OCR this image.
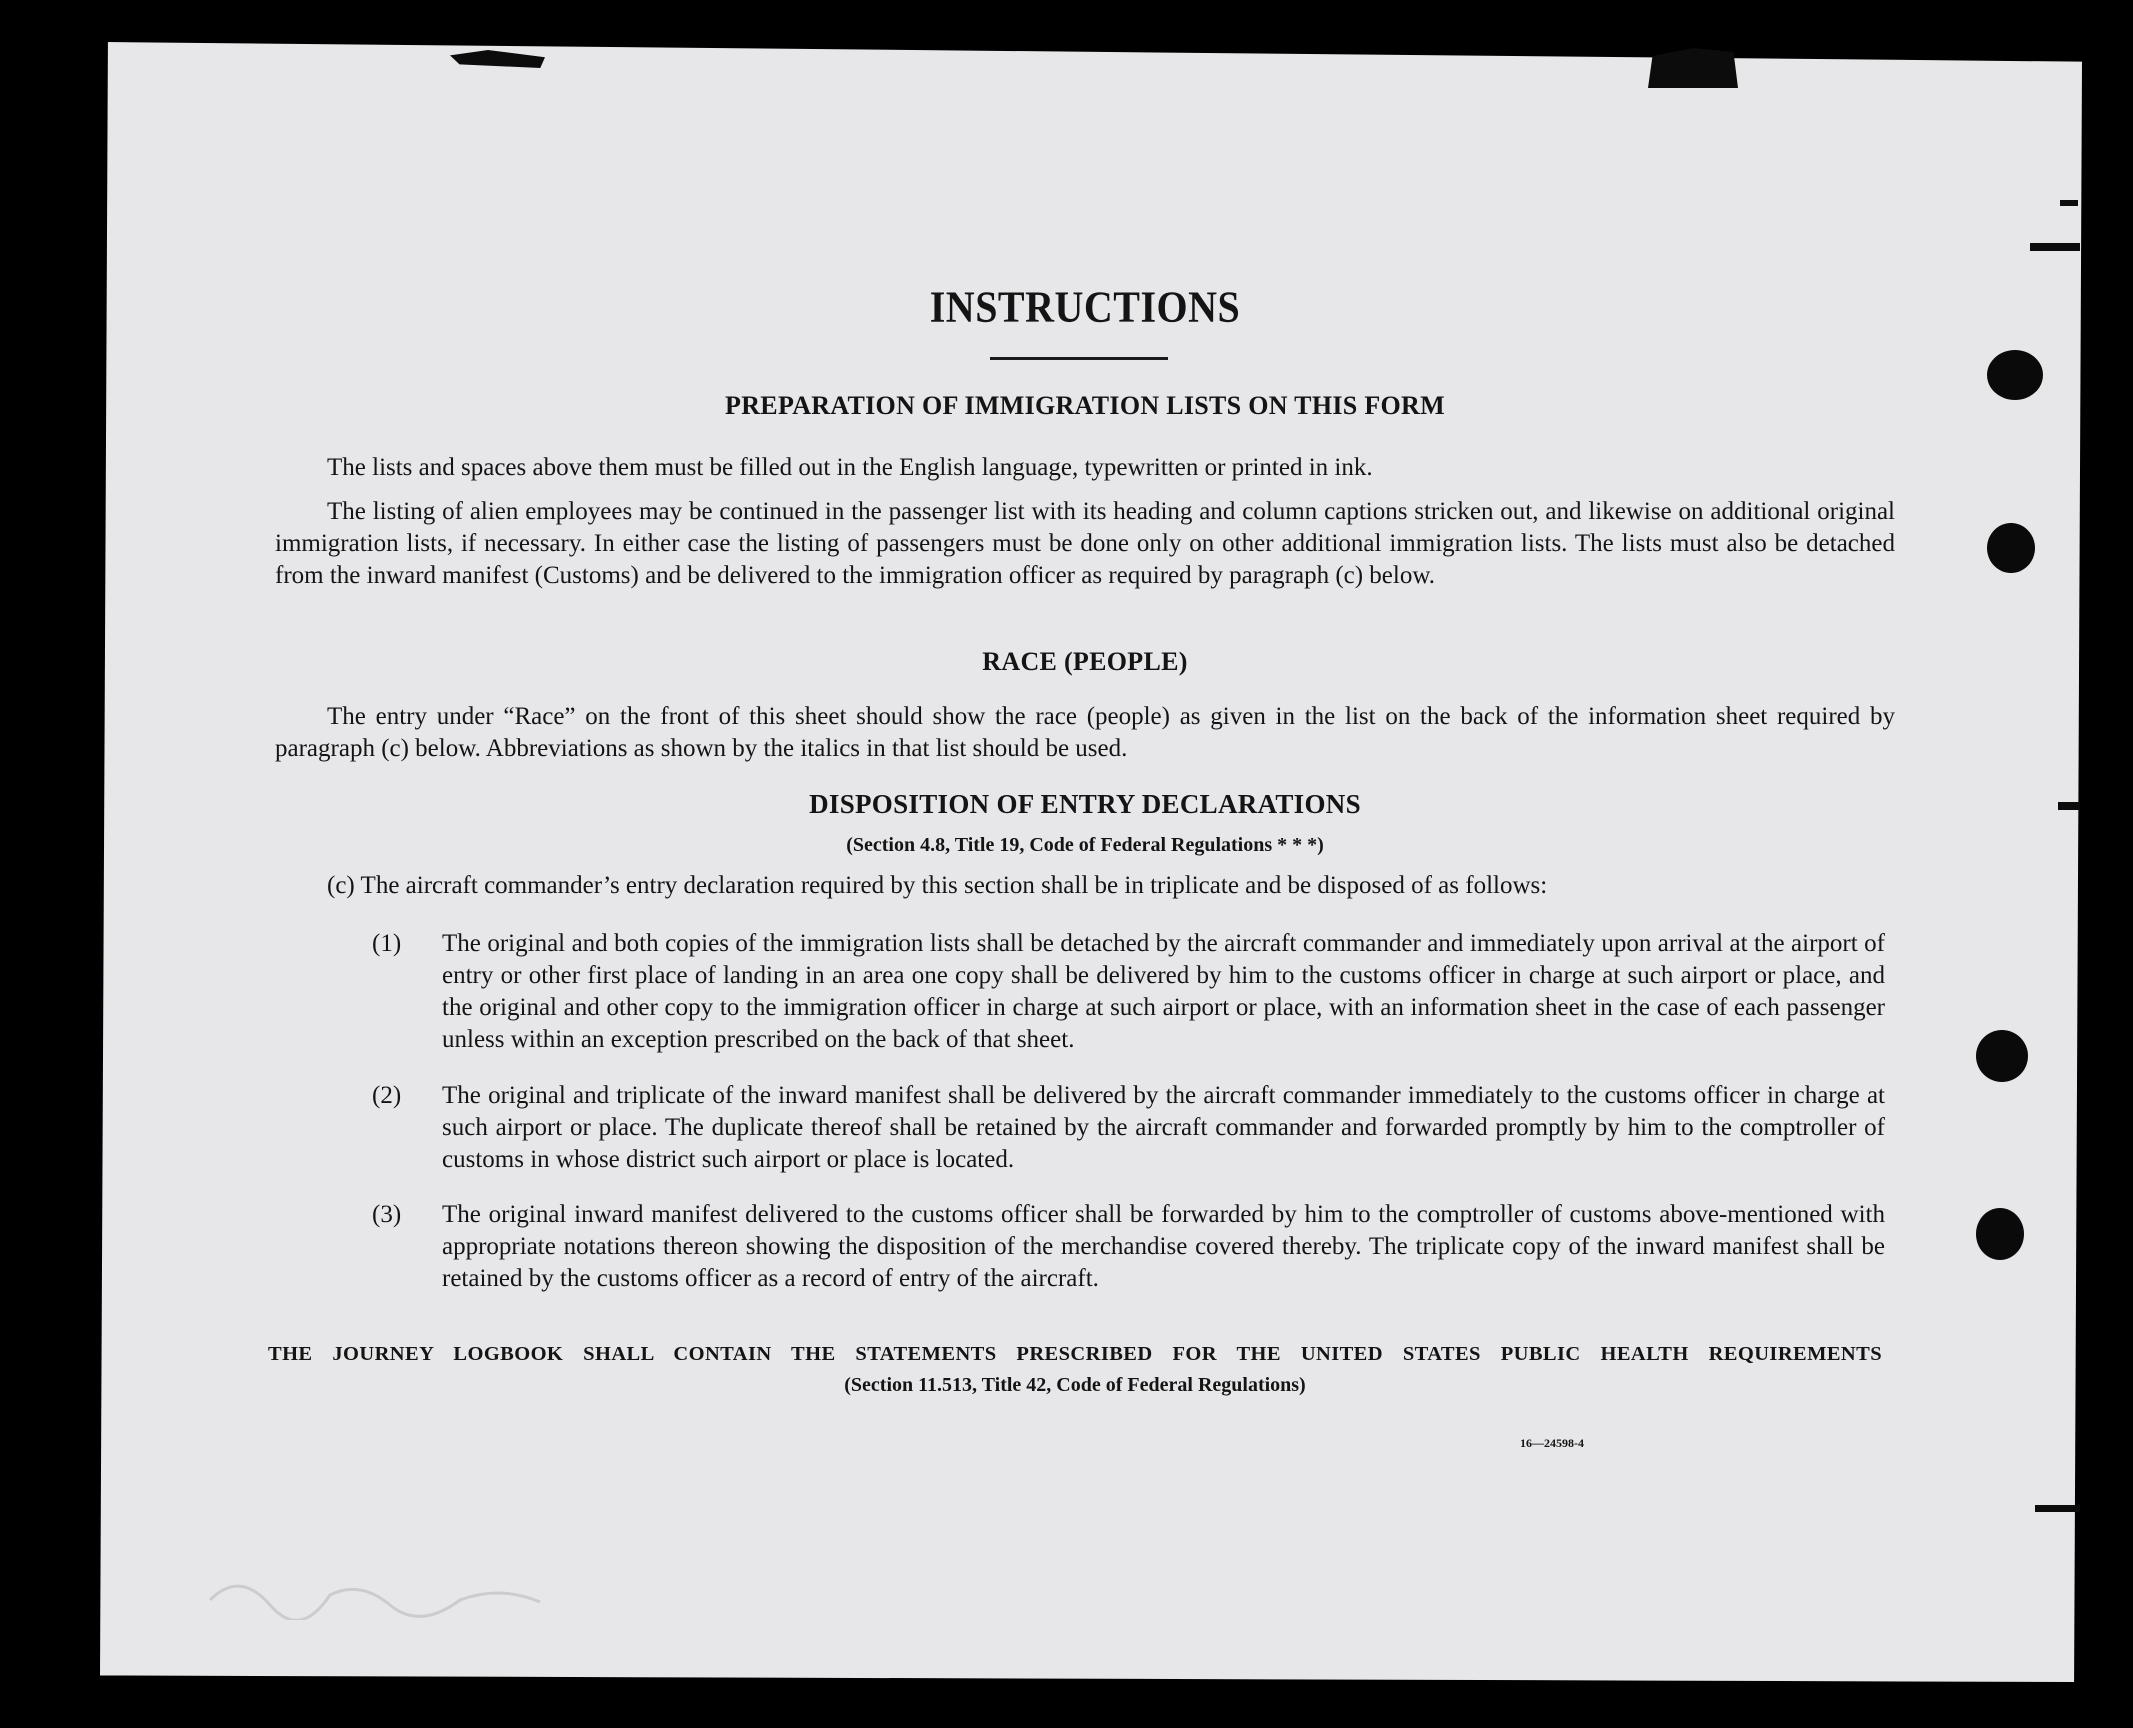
INSTRUCTIONS
PREPARATION OF IMMIGRATION LISTS ON THIS FORM
The lists and spaces above them must be filled out in the English language, typewritten or printed in ink.
The listing of alien employees may be continued in the passenger list with its heading and column captions stricken out, and likewise on additional original immigration lists, if necessary. In either case the listing of passengers must be done only on other additional immigration lists. The lists must also be detached from the inward manifest (Customs) and be delivered to the immigration officer as required by paragraph (c) below.
RACE (PEOPLE)
The entry under “Race” on the front of this sheet should show the race (people) as given in the list on the back of the information sheet required by paragraph (c) below. Abbreviations as shown by the italics in that list should be used.
DISPOSITION OF ENTRY DECLARATIONS
(Section 4.8, Title 19, Code of Federal Regulations * * *)
(c) The aircraft commander’s entry declaration required by this section shall be in triplicate and be disposed of as follows:
(1) The original and both copies of the immigration lists shall be detached by the aircraft commander and immediately upon arrival at the airport of entry or other first place of landing in an area one copy shall be delivered by him to the customs officer in charge at such airport or place, and the original and other copy to the immigration officer in charge at such airport or place, with an information sheet in the case of each passenger unless within an exception prescribed on the back of that sheet.
(2) The original and triplicate of the inward manifest shall be delivered by the aircraft commander immediately to the customs officer in charge at such airport or place. The duplicate thereof shall be retained by the aircraft commander and forwarded promptly by him to the comptroller of customs in whose district such airport or place is located.
(3) The original inward manifest delivered to the customs officer shall be forwarded by him to the comptroller of customs above-mentioned with appropriate notations thereon showing the disposition of the merchandise covered thereby. The triplicate copy of the inward manifest shall be retained by the customs officer as a record of entry of the aircraft.
THE JOURNEY LOGBOOK SHALL CONTAIN THE STATEMENTS PRESCRIBED FOR THE UNITED STATES PUBLIC HEALTH REQUIREMENTS
(Section 11.513, Title 42, Code of Federal Regulations)
16—24598-4
